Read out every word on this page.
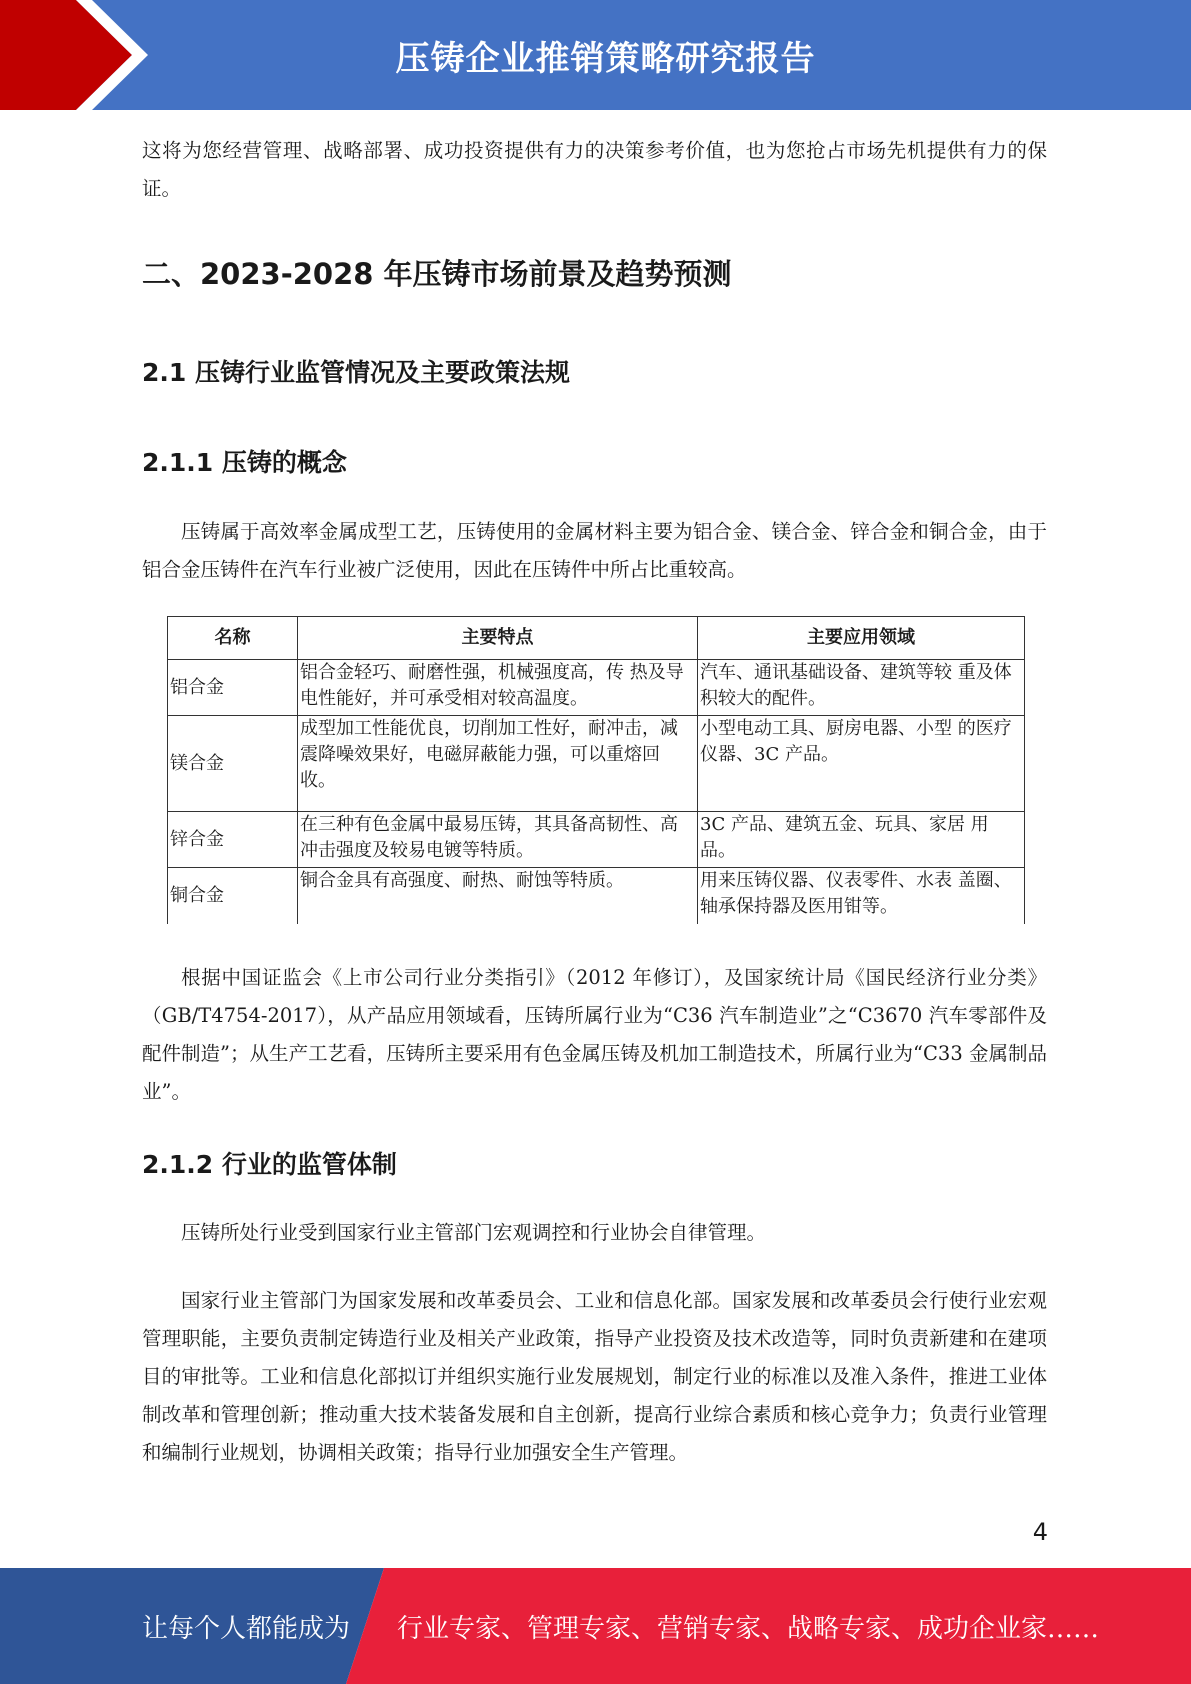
压铸企业推销策略研究报告

这将为您经营管理、战略部署、成功投资提供有力的决策参考价值，也为您抢占市场先机提供有力的保证。

二、2023-2028 年压铸市场前景及趋势预测
2.1 压铸行业监管情况及主要政策法规
2.1.1 压铸的概念

压铸属于高效率金属成型工艺，压铸使用的金属材料主要为铝合金、镁合金、锌合金和铜合金，由于铝合金压铸件在汽车行业被广泛使用，因此在压铸件中所占比重较高。

名称	主要特点	主要应用领域
铝合金	铝合金轻巧、耐磨性强，机械强度高，传 热及导电性能好，并可承受相对较高温度。	汽车、通讯基础设备、建筑等较 重及体积较大的配件。
镁合金	成型加工性能优良，切削加工性好，耐冲击，减震降噪效果好，电磁屏蔽能力强，可以重熔回收。	小型电动工具、厨房电器、小型 的医疗仪器、3C 产品。
锌合金	在三种有色金属中最易压铸，其具备高韧性、高冲击强度及较易电镀等特质。	3C 产品、建筑五金、玩具、家居 用品。
铜合金	铜合金具有高强度、耐热、耐蚀等特质。	用来压铸仪器、仪表零件、水表 盖圈、轴承保持器及医用钳等。

根据中国证监会《上市公司行业分类指引》（2012 年修订），及国家统计局《国民经济行业分类》（GB/T4754-2017），从产品应用领域看，压铸所属行业为“C36 汽车制造业”之“C3670 汽车零部件及配件制造”；从生产工艺看，压铸所主要采用有色金属压铸及机加工制造技术，所属行业为“C33 金属制品业”。

2.1.2 行业的监管体制

压铸所处行业受到国家行业主管部门宏观调控和行业协会自律管理。

国家行业主管部门为国家发展和改革委员会、工业和信息化部。国家发展和改革委员会行使行业宏观管理职能，主要负责制定铸造行业及相关产业政策，指导产业投资及技术改造等，同时负责新建和在建项目的审批等。工业和信息化部拟订并组织实施行业发展规划，制定行业的标准以及准入条件，推进工业体制改革和管理创新；推动重大技术装备发展和自主创新，提高行业综合素质和核心竞争力；负责行业管理和编制行业规划，协调相关政策；指导行业加强安全生产管理。

4
让每个人都能成为 行业专家、管理专家、营销专家、战略专家、成功企业家……
